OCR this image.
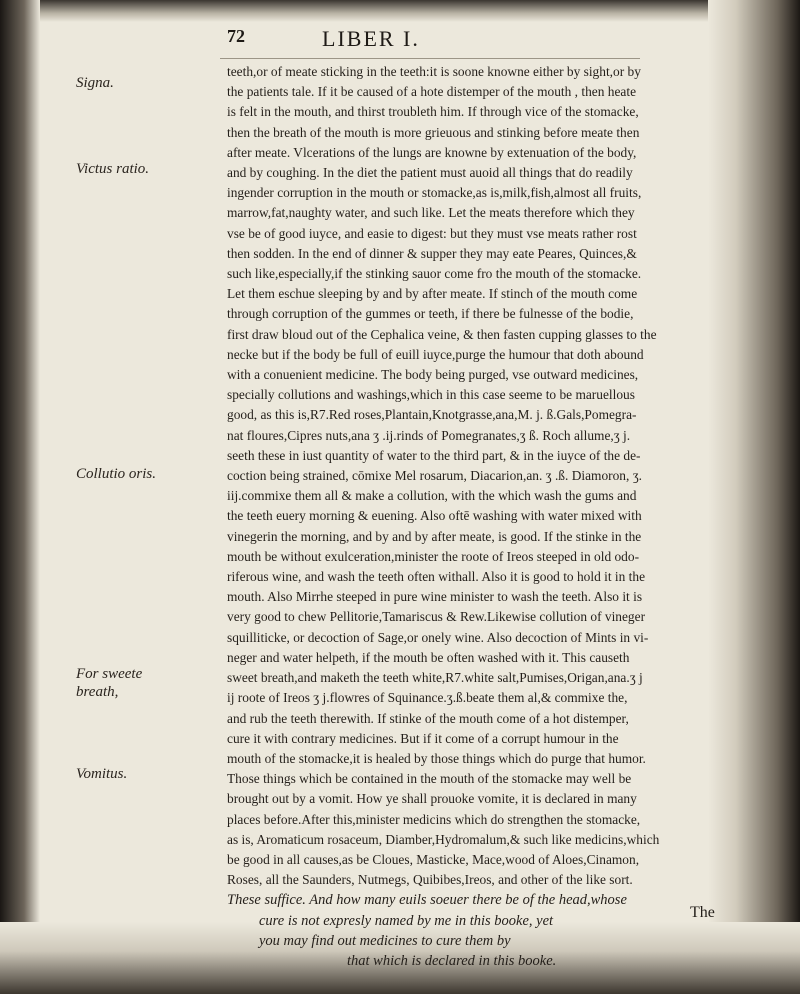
72	LIBER I.
Signa.
Victus ratio.
Collutio oris.
For sweete
breath,
Vomitus.

teeth,or of meate sticking in the teeth:it is soone knowne either by sight,or by

the patients tale. If it be caused of a hote distemper of the mouth , then heate

is felt in the mouth, and thirst troubleth him. If through vice of the stomacke,

then the breath of the mouth is more grieuous and stinking before meate then

after meate. Vlcerations of the lungs are knowne by extenuation of the body,

and by coughing. In the diet the patient must auoid all things that do readily

ingender corruption in the mouth or stomacke,as is,milk,fish,almost all fruits,

marrow,fat,naughty water, and such like. Let the meats therefore which they

vse be of good iuyce, and easie to digest: but they must vse meats rather rost

then sodden. In the end of dinner & supper they may eate Peares, Quinces,&

such like,especially,if the stinking sauor come fro the mouth of the stomacke.

Let them eschue sleeping by and by after meate. If stinch of the mouth come

through corruption of the gummes or teeth, if there be fulnesse of the bodie,

first draw bloud out of the Cephalica veine, & then fasten cupping glasses to the

necke but if the body be full of euill iuyce,purge the humour that doth abound

with a conuenient medicine. The body being purged, vse outward medicines,

specially collutions and washings,which in this case seeme to be maruellous

good, as this is,R7.Red roses,Plantain,Knotgrasse,ana,M. j. ß.Gals,Pomegra-

nat floures,Cipres nuts,ana ʒ .ij.rinds of Pomegranates,ʒ ß. Roch allume,ʒ j.

seeth these in iust quantity of water to the third part, & in the iuyce of the de-

coction being strained, cōmixe Mel rosarum, Diacarion,an. ʒ .ß. Diamoron, ʒ.

iij.commixe them all & make a collution, with the which wash the gums and

the teeth euery morning & euening. Also oftē washing with water mixed with

vinegerin the morning, and by and by after meate, is good. If the stinke in the

mouth be without exulceration,minister the roote of Ireos steeped in old odo-

riferous wine, and wash the teeth often withall. Also it is good to hold it in the

mouth. Also Mirrhe steeped in pure wine minister to wash the teeth. Also it is

very good to chew Pellitorie,Tamariscus & Rew.Likewise collution of vineger

squilliticke, or decoction of Sage,or onely wine. Also decoction of Mints in vi-

neger and water helpeth, if the mouth be often washed with it. This causeth

sweet breath,and maketh the teeth white,R7.white salt,Pumises,Origan,ana.ʒ j

ij roote of Ireos ʒ j.flowres of Squinance.ʒ.ß.beate them al,& commixe the,

and rub the teeth therewith. If stinke of the mouth come of a hot distemper,

cure it with contrary medicines. But if it come of a corrupt humour in the

mouth of the stomacke,it is healed by those things which do purge that humor.

Those things which be contained in the mouth of the stomacke may well be

brought out by a vomit. How ye shall prouoke vomite, it is declared in many

places before.After this,minister medicins which do strengthen the stomacke,

as is, Aromaticum rosaceum, Diamber,Hydromalum,& such like medicins,which

be good in all causes,as be Cloues, Masticke, Mace,wood of Aloes,Cinamon,

Roses, all the Saunders, Nutmegs, Quibibes,Ireos, and other of the like sort.

These suffice. And how many euils soeuer there be of the head,whose

cure is not expresly named by me in this booke, yet

you may find out medicines to cure them by

that which is declared in this booke.

The
